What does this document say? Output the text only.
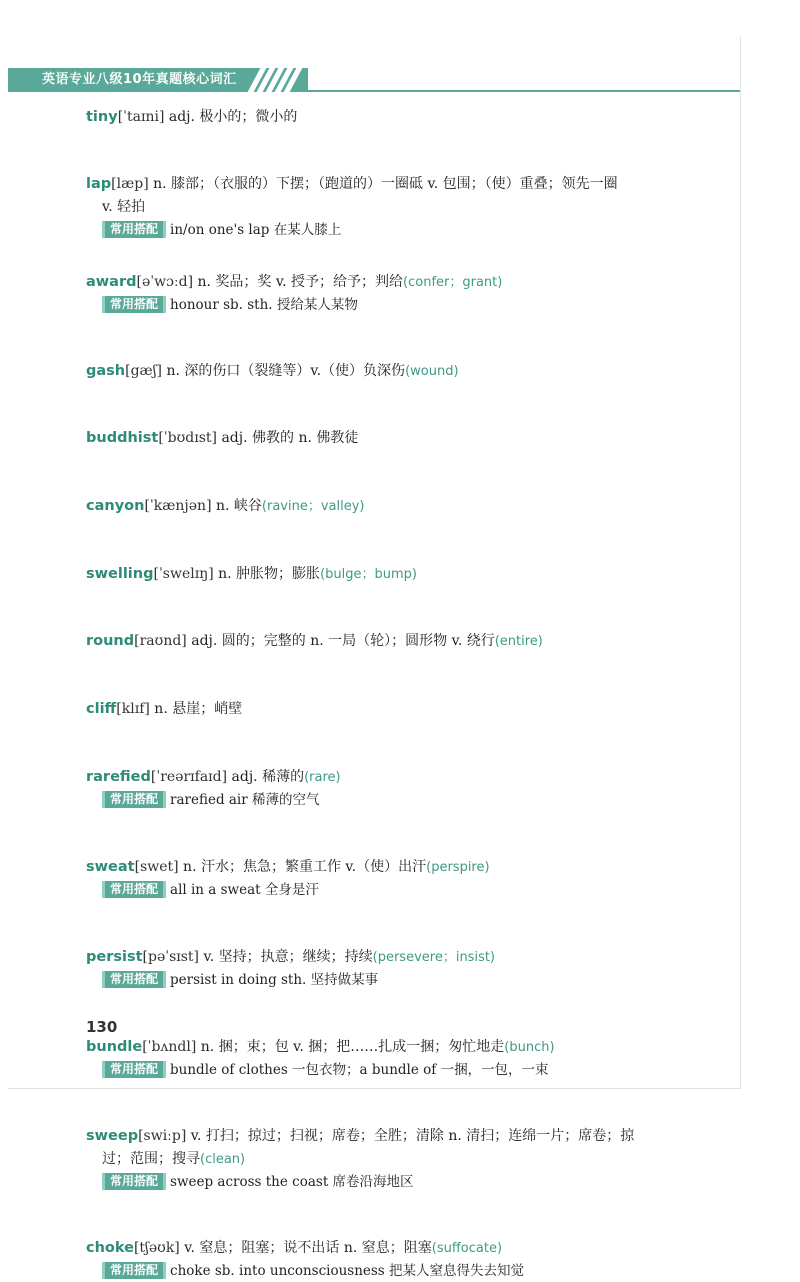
英语专业八级10年真题核心词汇
tiny[ˈtaɪni] adj. 极小的；微小的
lap[læp] n. 膝部；（衣服的）下摆；（跑道的）一圈砥 v. 包围；（使）重叠；领先一圈
v. 轻拍
常用搭配 in/on one's lap 在某人膝上
award[əˈwɔːd] n. 奖品；奖 v. 授予；给予；判给(confer；grant)
常用搭配 honour sb. sth. 授给某人某物
gash[gæʃ] n. 深的伤口（裂缝等）v.（使）负深伤(wound)
buddhist[ˈbʊdɪst] adj. 佛教的 n. 佛教徒
canyon[ˈkænjən] n. 峡谷(ravine；valley)
swelling[ˈswelɪŋ] n. 肿胀物；膨胀(bulge；bump)
round[raʊnd] adj. 圆的；完整的 n. 一局（轮）；圆形物 v. 绕行(entire)
cliff[klɪf] n. 悬崖；峭壁
rarefied[ˈreərɪfaɪd] adj. 稀薄的(rare)
常用搭配 rarefied air 稀薄的空气
sweat[swet] n. 汗水；焦急；繁重工作 v.（使）出汗(perspire)
常用搭配 all in a sweat 全身是汗
persist[pəˈsɪst] v. 坚持；执意；继续；持续(persevere；insist)
常用搭配 persist in doing sth. 坚持做某事
bundle[ˈbʌndl] n. 捆；束；包 v. 捆；把……扎成一捆；匆忙地走(bunch)
常用搭配 bundle of clothes 一包衣物；a bundle of 一捆，一包，一束
sweep[swiːp] v. 打扫；掠过；扫视；席卷；全胜；清除 n. 清扫；连绵一片；席卷；掠
过；范围；搜寻(clean)
常用搭配 sweep across the coast 席卷沿海地区
choke[tʃəʊk] v. 窒息；阻塞；说不出话 n. 窒息；阻塞(suffocate)
常用搭配 choke sb. into unconsciousness 把某人窒息得失去知觉
130
